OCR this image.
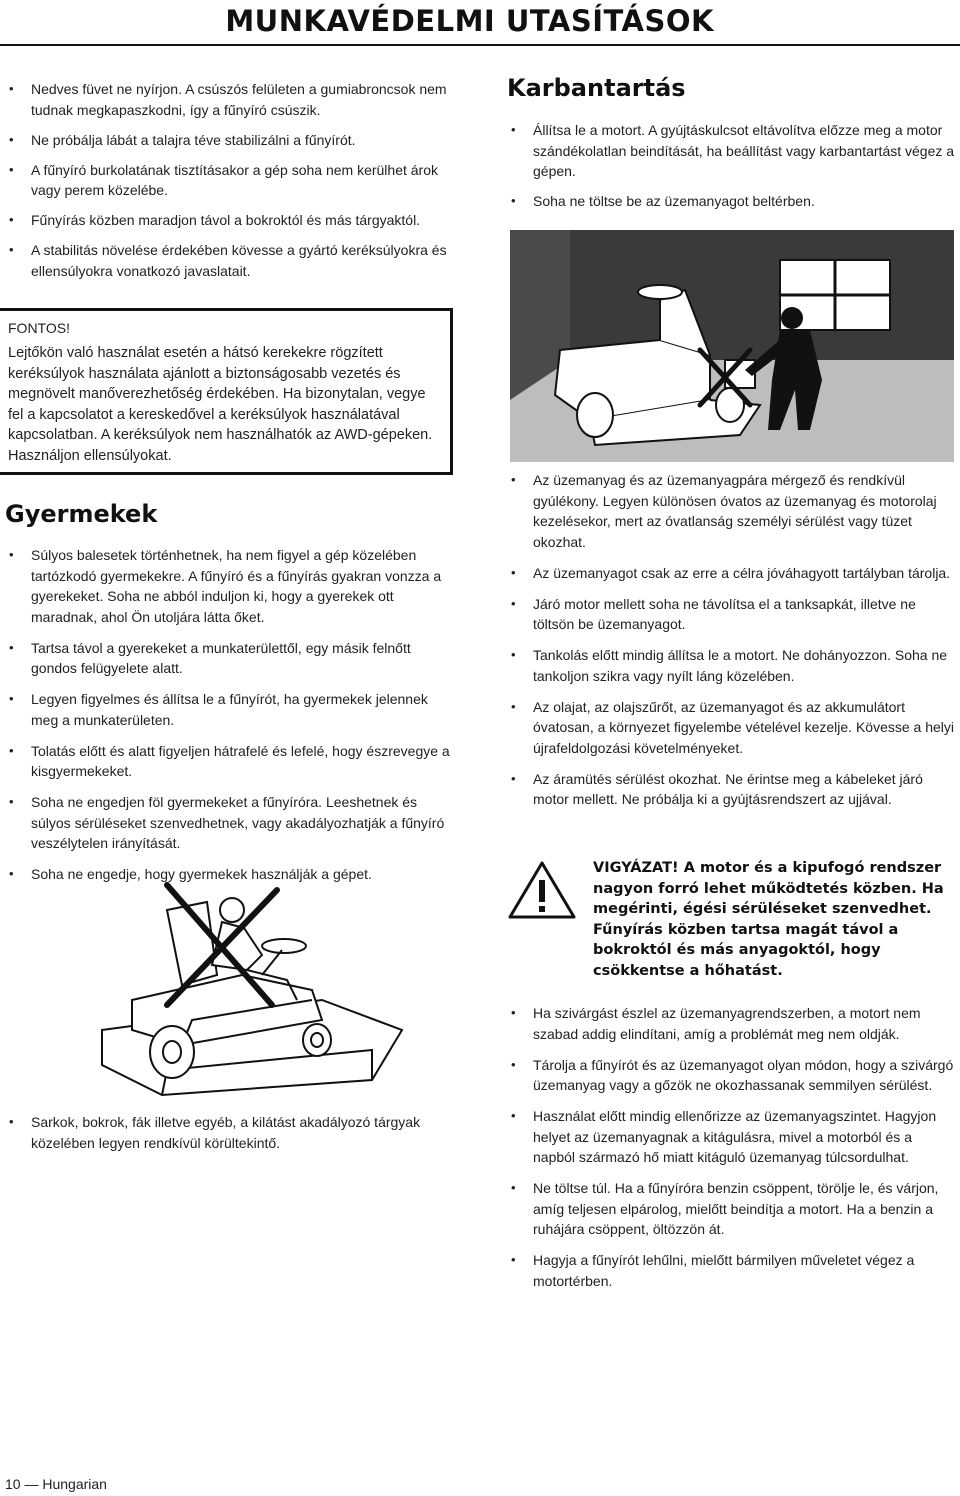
MUNKAVÉDELMI UTASÍTÁSOK
• Nedves füvet ne nyírjon. A csúszós felületen a gumiabroncsok nem tudnak megkapaszkodni, így a fűnyíró csúszik.
• Ne próbálja lábát a talajra téve stabilizálni a fűnyírót.
• A fűnyíró burkolatának tisztításakor a gép soha nem kerülhet árok vagy perem közelébe.
• Fűnyírás közben maradjon távol a bokroktól és más tárgyaktól.
• A stabilitás növelése érdekében kövesse a gyártó keréksúlyokra és ellensúlyokra vonatkozó javaslatait.
FONTOS!
Lejtőkön való használat esetén a hátsó kerekekre rögzített keréksúlyok használata ajánlott a biztonságosabb vezetés és megnövelt manőverezhetőség érdekében. Ha bizonytalan, vegye fel a kapcsolatot a kereskedővel a keréksúlyok használatával kapcsolatban. A keréksúlyok nem használhatók az AWD-gépeken. Használjon ellensúlyokat.
Gyermekek
• Súlyos balesetek történhetnek, ha nem figyel a gép közelében tartózkodó gyermekekre. A fűnyíró és a fűnyírás gyakran vonzza a gyerekeket. Soha ne abból induljon ki, hogy a gyerekek ott maradnak, ahol Ön utoljára látta őket.
• Tartsa távol a gyerekeket a munkaterülettől, egy másik felnőtt gondos felügyelete alatt.
• Legyen figyelmes és állítsa le a fűnyírót, ha gyermekek jelennek meg a munkaterületen.
• Tolatás előtt és alatt figyeljen hátrafelé és lefelé, hogy észrevegye a kisgyermekeket.
• Soha ne engedjen föl gyermekeket a fűnyíróra. Leeshetnek és súlyos sérüléseket szenvedhetnek, vagy akadályozhatják a fűnyíró veszélytelen irányítását.
• Soha ne engedje, hogy gyermekek használják a gépet.
• Sarkok, bokrok, fák illetve egyéb, a kilátást akadályozó tárgyak közelében legyen rendkívül körültekintő.
Karbantartás
• Állítsa le a motort. A gyújtáskulcsot eltávolítva előzze meg a motor szándékolatlan beindítását, ha beállítást vagy karbantartást végez a gépen.
• Soha ne töltse be az üzemanyagot beltérben.
• Az üzemanyag és az üzemanyagpára mérgező és rendkívül gyúlékony. Legyen különösen óvatos az üzemanyag és motorolaj kezelésekor, mert az óvatlanság személyi sérülést vagy tüzet okozhat.
• Az üzemanyagot csak az erre a célra jóváhagyott tartályban tárolja.
• Járó motor mellett soha ne távolítsa el a tanksapkát, illetve ne töltsön be üzemanyagot.
• Tankolás előtt mindig állítsa le a motort. Ne dohányozzon. Soha ne tankoljon szikra vagy nyílt láng közelében.
• Az olajat, az olajszűrőt, az üzemanyagot és az akkumulátort óvatosan, a környezet figyelembe vételével kezelje. Kövesse a helyi újrafeldolgozási követelményeket.
• Az áramütés sérülést okozhat. Ne érintse meg a kábeleket járó motor mellett. Ne próbálja ki a gyújtásrendszert az ujjával.
VIGYÁZAT! A motor és a kipufogó rendszer nagyon forró lehet működtetés közben. Ha megérinti, égési sérüléseket szenvedhet. Fűnyírás közben tartsa magát távol a bokroktól és más anyagoktól, hogy csökkentse a hőhatást.
• Ha szivárgást észlel az üzemanyagrendszerben, a motort nem szabad addig elindítani, amíg a problémát meg nem oldják.
• Tárolja a fűnyírót és az üzemanyagot olyan módon, hogy a szivárgó üzemanyag vagy a gőzök ne okozhassanak semmilyen sérülést.
• Használat előtt mindig ellenőrizze az üzemanyagszintet. Hagyjon helyet az üzemanyagnak a kitágulásra, mivel a motorból és a napból származó hő miatt kitáguló üzemanyag túlcsordulhat.
• Ne töltse túl. Ha a fűnyíróra benzin csöppent, törölje le, és várjon, amíg teljesen elpárolog, mielőtt beindítja a motort. Ha a benzin a ruhájára csöppent, öltözzön át.
• Hagyja a fűnyírót lehűlni, mielőtt bármilyen műveletet végez a motortérben.
10 — Hungarian
